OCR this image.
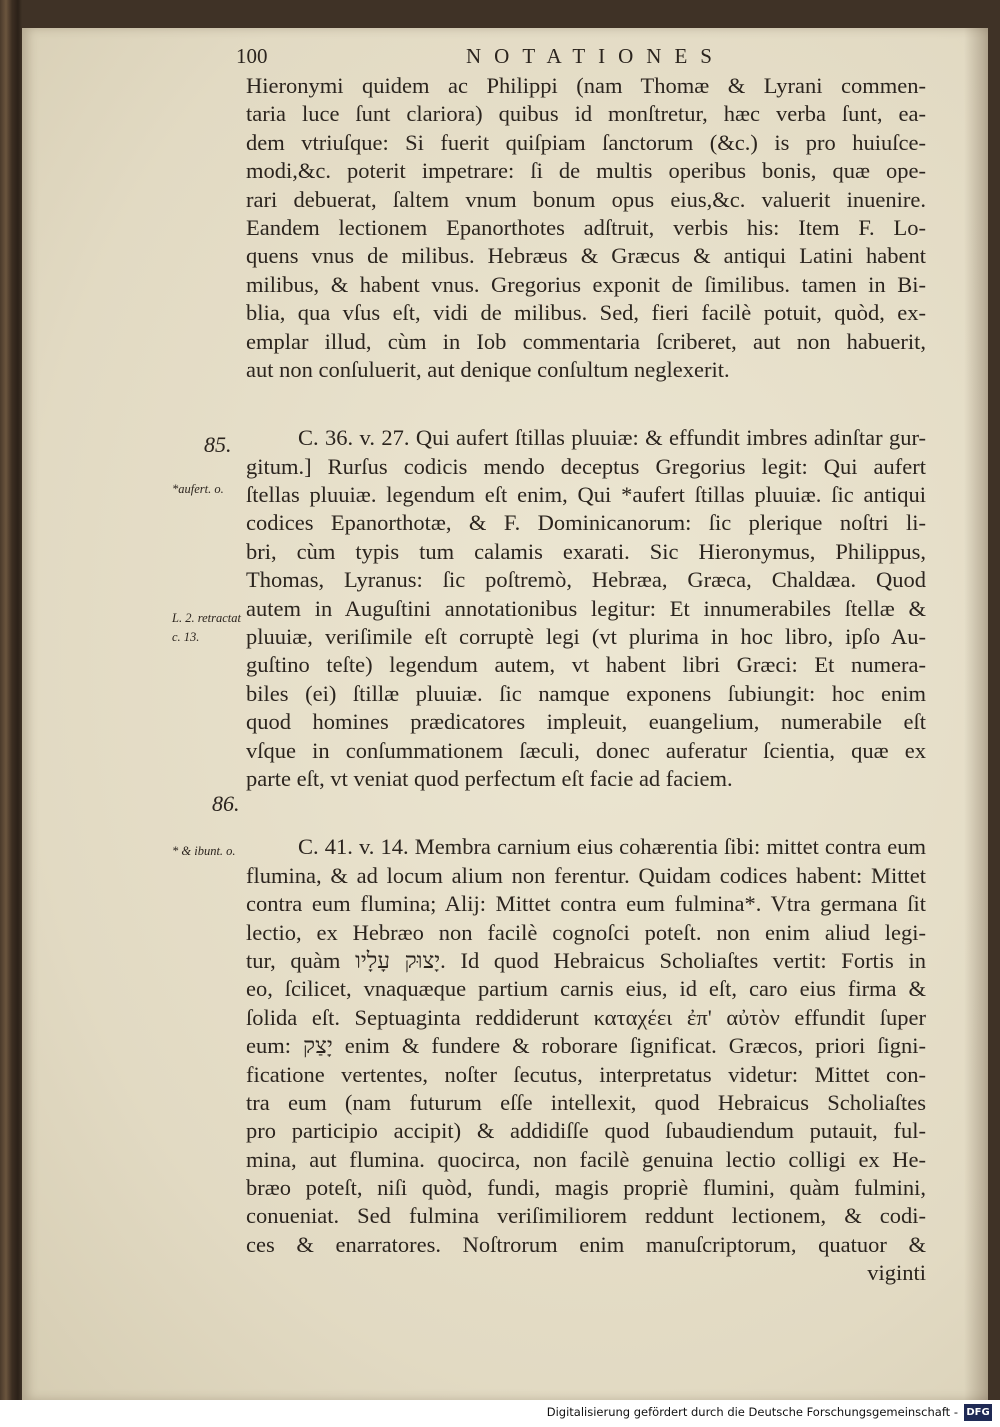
100	NOTATIONES
85.
*aufert. o.
L. 2. retractat
c. 13.
86.
* & ibunt. o.
Hieronymi quidem ac Philippi (nam Thomæ & Lyrani commen-
taria luce ſunt clariora) quibus id monſtretur, hæc verba ſunt, ea-
dem vtriuſque: Si fuerit quiſpiam ſanctorum (&c.) is pro huiuſce-
modi,&c. poterit impetrare: ſi de multis operibus bonis, quæ ope-
rari debuerat, ſaltem vnum bonum opus eius,&c. valuerit inuenire.
Eandem lectionem Epanorthotes adſtruit, verbis his: Item F. Lo-
quens vnus de milibus. Hebræus & Græcus & antiqui Latini habent
milibus, & habent vnus. Gregorius exponit de ſimilibus. tamen in Bi-
blia, qua vſus eſt, vidi de milibus. Sed, fieri facilè potuit, quòd, ex-
emplar illud, cùm in Iob commentaria ſcriberet, aut non habuerit,
aut non conſuluerit, aut denique conſultum neglexerit.
C. 36. v. 27. Qui aufert ſtillas pluuiæ: & effundit imbres adinſtar gur-
gitum.] Rurſus codicis mendo deceptus Gregorius legit: Qui aufert
ſtellas pluuiæ. legendum eſt enim, Qui *aufert ſtillas pluuiæ. ſic antiqui
codices Epanorthotæ, & F. Dominicanorum: ſic plerique noſtri li-
bri, cùm typis tum calamis exarati. Sic Hieronymus, Philippus,
Thomas, Lyranus: ſic poſtremò, Hebræa, Græca, Chaldæa. Quod
autem in Auguſtini annotationibus legitur: Et innumerabiles ſtellæ &
pluuiæ, veriſimile eſt corruptè legi (vt plurima in hoc libro, ipſo Au-
guſtino teſte) legendum autem, vt habent libri Græci: Et numera-
biles (ei) ſtillæ pluuiæ. ſic namque exponens ſubiungit: hoc enim
quod homines prædicatores impleuit, euangelium, numerabile eſt
vſque in conſummationem ſæculi, donec auferatur ſcientia, quæ ex
parte eſt, vt veniat quod perfectum eſt facie ad faciem.
C. 41. v. 14. Membra carnium eius cohærentia ſibi: mittet contra eum
flumina, & ad locum alium non ferentur. Quidam codices habent: Mittet
contra eum flumina; Alij: Mittet contra eum fulmina*. Vtra germana ſit
lectio, ex Hebræo non facilè cognoſci poteſt. non enim aliud legi-
tur, quàm יָצוּק עָלָיו. Id quod Hebraicus Scholiaſtes vertit: Fortis in
eo, ſcilicet, vnaquæque partium carnis eius, id eſt, caro eius firma &
ſolida eſt. Septuaginta reddiderunt καταχέει ἐπ' αὐτὸν effundit ſuper
eum: יָצַק enim & fundere & roborare ſignificat. Græcos, priori ſigni-
ficatione vertentes, noſter ſecutus, interpretatus videtur: Mittet con-
tra eum (nam futurum eſſe intellexit, quod Hebraicus Scholiaſtes
pro participio accipit) & addidiſſe quod ſubaudiendum putauit, ful-
mina, aut flumina. quocirca, non facilè genuina lectio colligi ex He-
bræo poteſt, niſi quòd, fundi, magis propriè flumini, quàm fulmini,
conueniat. Sed fulmina veriſimiliorem reddunt lectionem, & codi-
ces & enarratores. Noſtrorum enim manuſcriptorum, quatuor &
viginti
Digitalisierung gefördert durch die Deutsche Forschungsgemeinschaft - DFG
